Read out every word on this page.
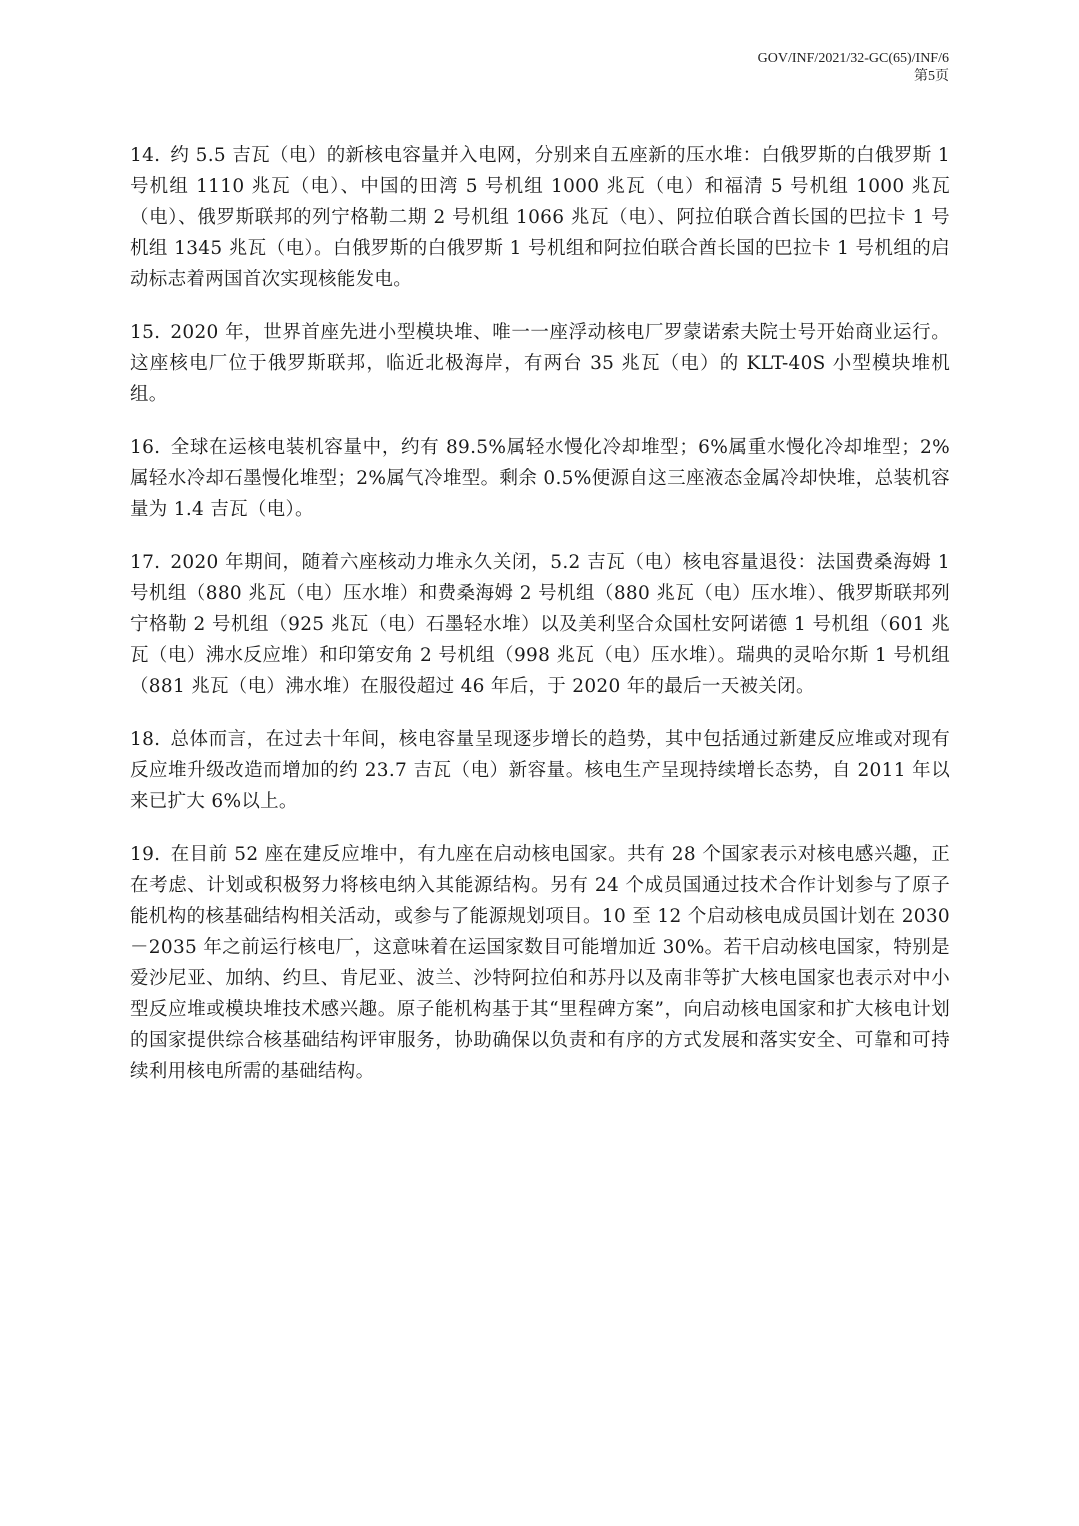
GOV/INF/2021/32-GC(65)/INF/6
第5页

14. 约 5.5 吉瓦（电）的新核电容量并入电网，分别来自五座新的压水堆：白俄罗斯的白俄罗斯 1 号机组 1110 兆瓦（电）、中国的田湾 5 号机组 1000 兆瓦（电）和福清 5 号机组 1000 兆瓦（电）、俄罗斯联邦的列宁格勒二期 2 号机组 1066 兆瓦（电）、阿拉伯联合酋长国的巴拉卡 1 号机组 1345 兆瓦（电）。白俄罗斯的白俄罗斯 1 号机组和阿拉伯联合酋长国的巴拉卡 1 号机组的启动标志着两国首次实现核能发电。

15. 2020 年，世界首座先进小型模块堆、唯一一座浮动核电厂罗蒙诺索夫院士号开始商业运行。这座核电厂位于俄罗斯联邦，临近北极海岸，有两台 35 兆瓦（电）的 KLT-40S 小型模块堆机组。

16. 全球在运核电装机容量中，约有 89.5%属轻水慢化冷却堆型；6%属重水慢化冷却堆型；2%属轻水冷却石墨慢化堆型；2%属气冷堆型。剩余 0.5%便源自这三座液态金属冷却快堆，总装机容量为 1.4 吉瓦（电）。

17. 2020 年期间，随着六座核动力堆永久关闭，5.2 吉瓦（电）核电容量退役：法国费桑海姆 1 号机组（880 兆瓦（电）压水堆）和费桑海姆 2 号机组（880 兆瓦（电）压水堆）、俄罗斯联邦列宁格勒 2 号机组（925 兆瓦（电）石墨轻水堆）以及美利坚合众国杜安阿诺德 1 号机组（601 兆瓦（电）沸水反应堆）和印第安角 2 号机组（998 兆瓦（电）压水堆）。瑞典的灵哈尔斯 1 号机组（881 兆瓦（电）沸水堆）在服役超过 46 年后，于 2020 年的最后一天被关闭。

18. 总体而言，在过去十年间，核电容量呈现逐步增长的趋势，其中包括通过新建反应堆或对现有反应堆升级改造而增加的约 23.7 吉瓦（电）新容量。核电生产呈现持续增长态势，自 2011 年以来已扩大 6%以上。

19. 在目前 52 座在建反应堆中，有九座在启动核电国家。共有 28 个国家表示对核电感兴趣，正在考虑、计划或积极努力将核电纳入其能源结构。另有 24 个成员国通过技术合作计划参与了原子能机构的核基础结构相关活动，或参与了能源规划项目。10 至 12 个启动核电成员国计划在 2030－2035 年之前运行核电厂，这意味着在运国家数目可能增加近 30%。若干启动核电国家，特别是爱沙尼亚、加纳、约旦、肯尼亚、波兰、沙特阿拉伯和苏丹以及南非等扩大核电国家也表示对中小型反应堆或模块堆技术感兴趣。原子能机构基于其“里程碑方案”，向启动核电国家和扩大核电计划的国家提供综合核基础结构评审服务，协助确保以负责和有序的方式发展和落实安全、可靠和可持续利用核电所需的基础结构。
